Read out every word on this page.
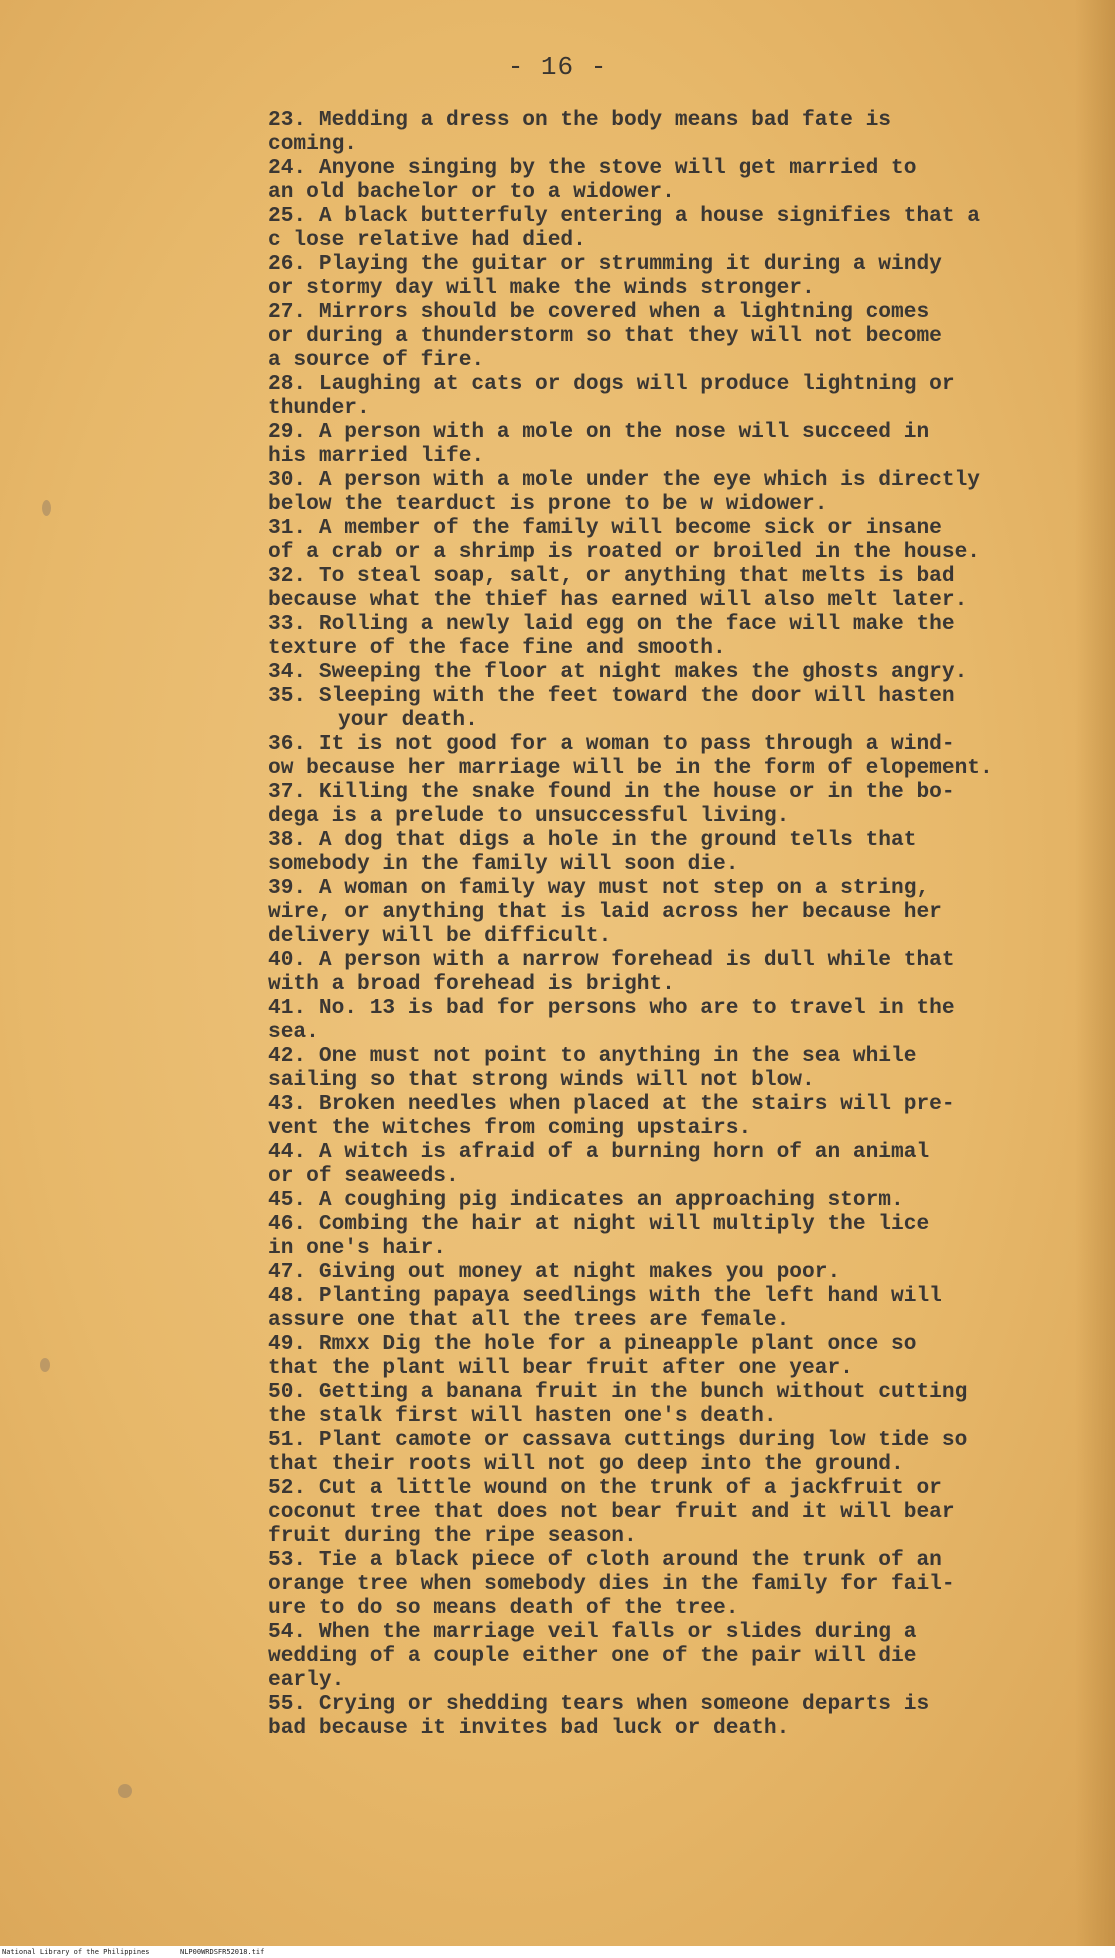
- 16 -
23. Medding a dress on the body means bad fate is
coming.
24. Anyone singing by the stove will get married to
an old bachelor or to a widower.
25. A black butterfuly entering a house signifies that a
c lose relative had died.
26. Playing the guitar or strumming it during a windy
or stormy day will make the winds stronger.
27. Mirrors should be covered when a lightning comes
or during a thunderstorm so that they will not become
a source of fire.
28. Laughing at cats or dogs will produce lightning or
thunder.
29. A person with a mole on the nose will succeed in
his married life.
30. A person with a mole under the eye which is directly
below the tearduct is prone to be w widower.
31. A member of the family will become sick or insane
of a crab or a shrimp is roated or broiled in the house.
32. To steal soap, salt, or anything that melts is bad
because what the thief has earned will also melt later.
33. Rolling a newly laid egg on the face will make the
texture of the face fine and smooth.
34. Sweeping the floor at night makes the ghosts angry.
35. Sleeping with the feet toward the door will hasten
your death.
36. It is not good for a woman to pass through a wind-
ow because her marriage will be in the form of elopement.
37. Killing the snake found in the house or in the bo-
dega is a prelude to unsuccessful living.
38. A dog that digs a hole in the ground tells that
somebody in the family will soon die.
39. A woman on family way must not step on a string,
wire, or anything that is laid across her because her
delivery will be difficult.
40. A person with a narrow forehead is dull while that
with a broad forehead is bright.
41. No. 13 is bad for persons who are to travel in the
sea.
42. One must not point to anything in the sea while
sailing so that strong winds will not blow.
43. Broken needles when placed at the stairs will pre-
vent the witches from coming upstairs.
44. A witch is afraid of a burning horn of an animal
or of seaweeds.
45. A coughing pig indicates an approaching storm.
46. Combing the hair at night will multiply the lice
in one's hair.
47. Giving out money at night makes you poor.
48. Planting papaya seedlings with the left hand will
assure one that all the trees are female.
49. Rmxx Dig the hole for a pineapple plant once so
that the plant will bear fruit after one year.
50. Getting a banana fruit in the bunch without cutting
the stalk first will hasten one's death.
51. Plant camote or cassava cuttings during low tide so
that their roots will not go deep into the ground.
52. Cut a little wound on the trunk of a jackfruit or
coconut tree that does not bear fruit and it will bear
fruit during the ripe season.
53. Tie a black piece of cloth around the trunk of an
orange tree when somebody dies in the family for fail-
ure to do so means death of the tree.
54. When the marriage veil falls or slides during a
wedding of a couple either one of the pair will die
early.
55. Crying or shedding tears when someone departs is
bad because it invites bad luck or death.
National Library of the Philippines	NLP00WRDSFR52018.tif
